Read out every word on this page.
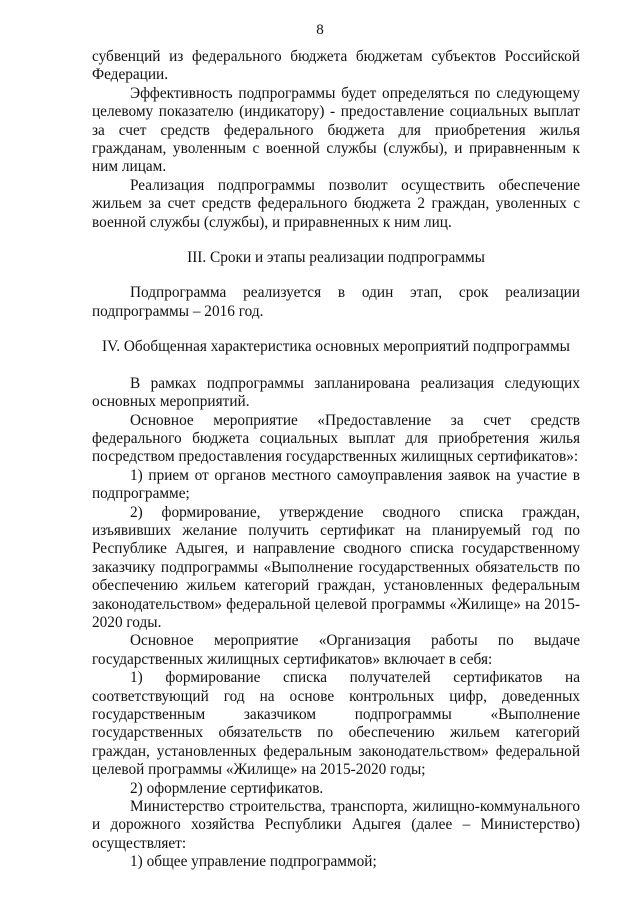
8

субвенций из федерального бюджета бюджетам субъектов Российской Федерации.

Эффективность подпрограммы будет определяться по следующему целевому показателю (индикатору) - предоставление социальных выплат за счет средств федерального бюджета для приобретения жилья гражданам, уволенным с военной службы (службы), и приравненным к ним лицам.

Реализация подпрограммы позволит осуществить обеспечение жильем за счет средств федерального бюджета 2 граждан, уволенных с военной службы (службы), и приравненных к ним лиц.

III. Сроки и этапы реализации подпрограммы

Подпрограмма реализуется в один этап, срок реализации подпрограммы – 2016 год.

IV. Обобщенная характеристика основных мероприятий подпрограммы

В рамках подпрограммы запланирована реализация следующих основных мероприятий.

Основное мероприятие «Предоставление за счет средств федерального бюджета социальных выплат для приобретения жилья посредством предоставления государственных жилищных сертификатов»:

1) прием от органов местного самоуправления заявок на участие в подпрограмме;

2) формирование, утверждение сводного списка граждан, изъявивших желание получить сертификат на планируемый год по Республике Адыгея, и направление сводного списка государственному заказчику подпрограммы «Выполнение государственных обязательств по обеспечению жильем категорий граждан, установленных федеральным законодательством» федеральной целевой программы «Жилище» на 2015-2020 годы.

Основное мероприятие «Организация работы по выдаче государственных жилищных сертификатов» включает в себя:

1) формирование списка получателей сертификатов на соответствующий год на основе контрольных цифр, доведенных государственным заказчиком подпрограммы «Выполнение государственных обязательств по обеспечению жильем категорий граждан, установленных федеральным законодательством» федеральной целевой программы «Жилище» на 2015-2020 годы;

2) оформление сертификатов.

Министерство строительства, транспорта, жилищно-коммунального и дорожного хозяйства Республики Адыгея (далее – Министерство) осуществляет:

1) общее управление подпрограммой;
